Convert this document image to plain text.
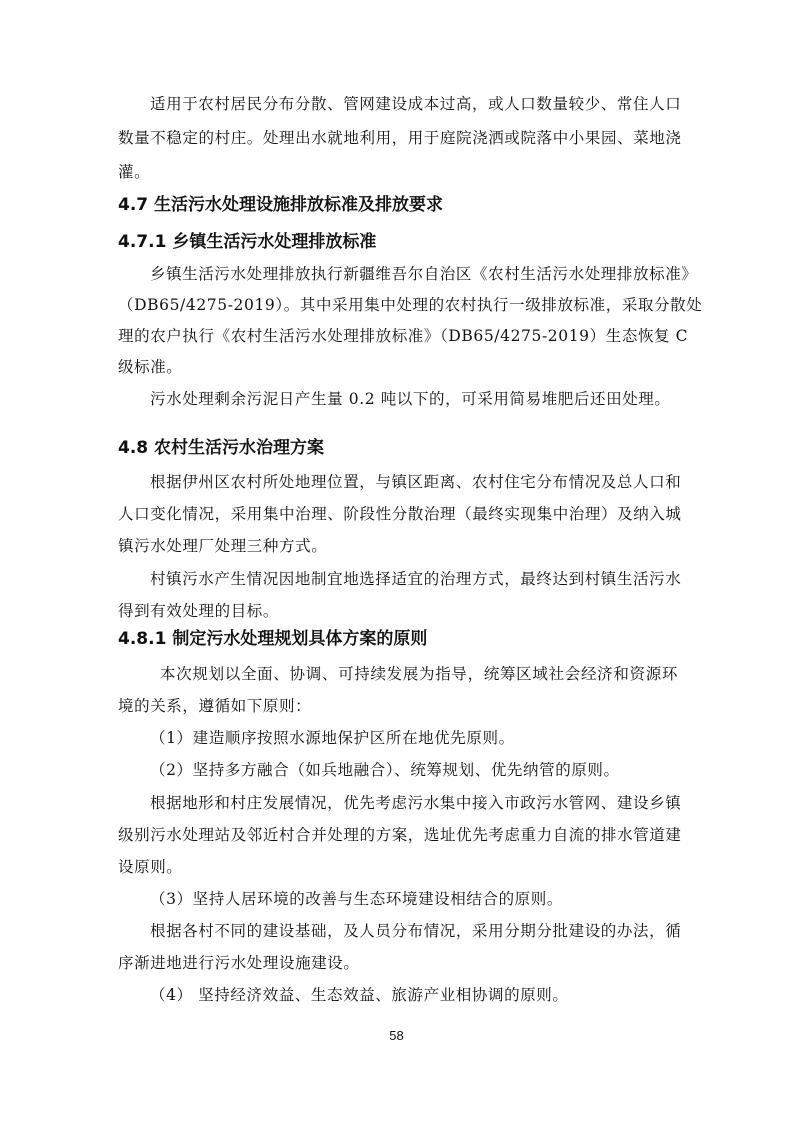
适用于农村居民分布分散、管网建设成本过高，或人口数量较少、常住人口
数量不稳定的村庄。处理出水就地利用，用于庭院浇洒或院落中小果园、菜地浇
灌。
4.7 生活污水处理设施排放标准及排放要求
4.7.1 乡镇生活污水处理排放标准
乡镇生活污水处理排放执行新疆维吾尔自治区《农村生活污水处理排放标准》
（DB65/4275-2019）。其中采用集中处理的农村执行一级排放标准，采取分散处
理的农户执行《农村生活污水处理排放标准》（DB65/4275-2019）生态恢复 C
级标准。
污水处理剩余污泥日产生量 0.2 吨以下的，可采用简易堆肥后还田处理。
4.8 农村生活污水治理方案
根据伊州区农村所处地理位置，与镇区距离、农村住宅分布情况及总人口和
人口变化情况，采用集中治理、阶段性分散治理（最终实现集中治理）及纳入城
镇污水处理厂处理三种方式。
村镇污水产生情况因地制宜地选择适宜的治理方式，最终达到村镇生活污水
得到有效处理的目标。
4.8.1 制定污水处理规划具体方案的原则
本次规划以全面、协调、可持续发展为指导，统筹区域社会经济和资源环
境的关系，遵循如下原则：
（1）建造顺序按照水源地保护区所在地优先原则。
（2）坚持多方融合（如兵地融合）、统筹规划、优先纳管的原则。
根据地形和村庄发展情况，优先考虑污水集中接入市政污水管网、建设乡镇
级别污水处理站及邻近村合并处理的方案，选址优先考虑重力自流的排水管道建
设原则。
（3）坚持人居环境的改善与生态环境建设相结合的原则。
根据各村不同的建设基础，及人员分布情况，采用分期分批建设的办法，循
序渐进地进行污水处理设施建设。
（4） 坚持经济效益、生态效益、旅游产业相协调的原则。
58
